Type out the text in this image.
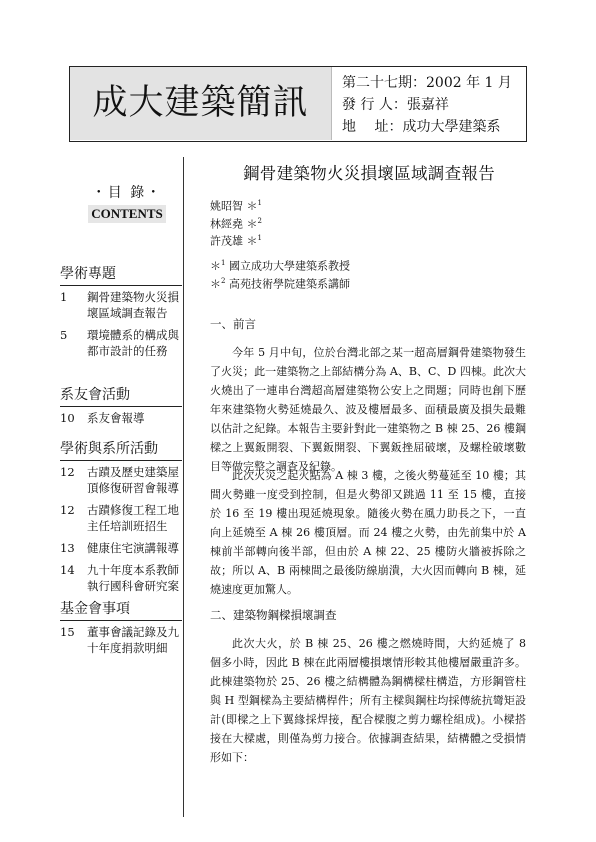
成大建築簡訊	第二十七期：2002 年 1 月
發 行 人：張嘉祥
地　 址：成功大學建築系
・目 錄・
CONTENTS
學術專題
1 鋼骨建築物火災損壞區域調查報告
5 環境體系的構成與都市設計的任務
系友會活動
10 系友會報導
學術與系所活動
12 古蹟及歷史建築屋頂修復研習會報導
12 古蹟修復工程工地主任培訓班招生
13 健康住宅演講報導
14 九十年度本系教師執行國科會研究案
基金會事項
15 董事會議記錄及九十年度捐款明細
鋼骨建築物火災損壞區域調查報告
姚昭智 ＊$^1$
林經堯 ＊$^2$
許茂雄 ＊$^1$
＊$^1$ 國立成功大學建築系教授
＊$^2$ 高苑技術學院建築系講師
一、前言

今年 5 月中旬，位於台灣北部之某一超高層鋼骨建築物發生了火災；此一建築物之上部結構分為 A、B、C、D 四棟。此次大火燒出了一連串台灣超高層建築物公安上之問題；同時也創下歷年來建築物火勢延燒最久、波及樓層最多、面積最廣及損失最難以估計之紀錄。本報告主要針對此一建築物之 B 棟 25、26 樓鋼樑之上翼鈑開裂、下翼鈑開裂、下翼鈑挫屈破壞，及螺栓破壞數目等做完整之調查及紀錄。

此次火災之起火點為 A 棟 3 樓，之後火勢蔓延至 10 樓；其間火勢雖一度受到控制，但是火勢卻又跳過 11 至 15 樓，直接於 16 至 19 樓出現延燒現象。隨後火勢在風力助長之下，一直向上延燒至 A 棟 26 樓頂層。而 24 樓之火勢，由先前集中於 A 棟前半部轉向後半部，但由於 A 棟 22、25 樓防火牆被拆除之故；所以 A、B 兩棟間之最後防線崩潰，大火因而轉向 B 棟，延燒速度更加驚人。

二、建築物鋼樑損壞調查

此次大火，於 B 棟 25、26 樓之燃燒時間，大約延燒了 8 個多小時，因此 B 棟在此兩層樓損壞情形較其他樓層嚴重許多。此棟建築物於 25、26 樓之結構體為鋼構樑柱構造，方形鋼管柱與 H 型鋼樑為主要結構桿件；所有主樑與鋼柱均採傳統抗彎矩設計(即樑之上下翼緣採焊接，配合樑腹之剪力螺栓組成)。小樑搭接在大樑處，則僅為剪力接合。依據調查結果，結構體之受損情形如下：
